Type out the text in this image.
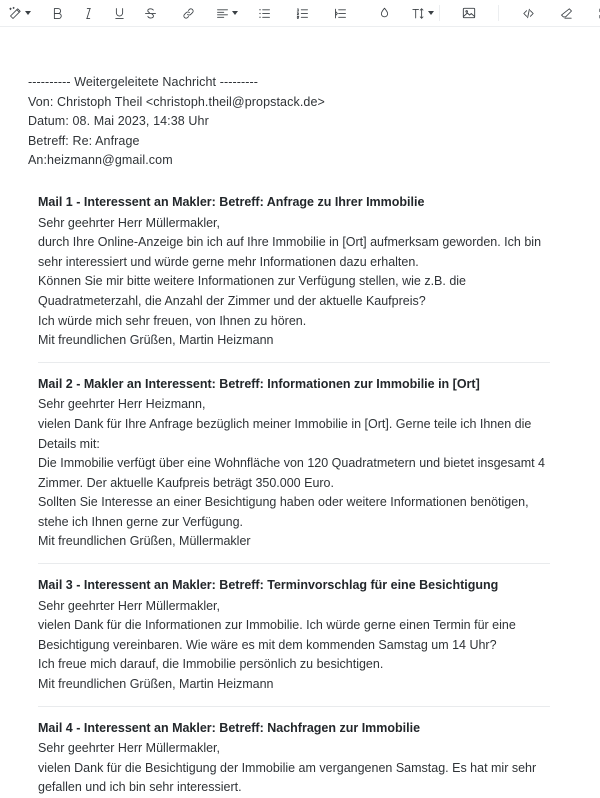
---------- Weitergeleitete Nachricht ---------
Von: Christoph Theil <christoph.theil@propstack.de>
Datum: 08. Mai 2023, 14:38 Uhr
Betreff: Re: Anfrage
An:heizmann@gmail.com
Mail 1 - Interessent an Makler: Betreff: Anfrage zu Ihrer Immobilie
Sehr geehrter Herr Müllermakler,
durch Ihre Online-Anzeige bin ich auf Ihre Immobilie in [Ort] aufmerksam geworden. Ich bin sehr interessiert und würde gerne mehr Informationen dazu erhalten.
Können Sie mir bitte weitere Informationen zur Verfügung stellen, wie z.B. die Quadratmeterzahl, die Anzahl der Zimmer und der aktuelle Kaufpreis?
Ich würde mich sehr freuen, von Ihnen zu hören.
Mit freundlichen Grüßen, Martin Heizmann
Mail 2 - Makler an Interessent: Betreff: Informationen zur Immobilie in [Ort]
Sehr geehrter Herr Heizmann,
vielen Dank für Ihre Anfrage bezüglich meiner Immobilie in [Ort]. Gerne teile ich Ihnen die Details mit:
Die Immobilie verfügt über eine Wohnfläche von 120 Quadratmetern und bietet insgesamt 4 Zimmer. Der aktuelle Kaufpreis beträgt 350.000 Euro.
Sollten Sie Interesse an einer Besichtigung haben oder weitere Informationen benötigen, stehe ich Ihnen gerne zur Verfügung.
Mit freundlichen Grüßen, Müllermakler
Mail 3 - Interessent an Makler: Betreff: Terminvorschlag für eine Besichtigung
Sehr geehrter Herr Müllermakler,
vielen Dank für die Informationen zur Immobilie. Ich würde gerne einen Termin für eine Besichtigung vereinbaren. Wie wäre es mit dem kommenden Samstag um 14 Uhr?
Ich freue mich darauf, die Immobilie persönlich zu besichtigen.
Mit freundlichen Grüßen, Martin Heizmann
Mail 4 - Interessent an Makler: Betreff: Nachfragen zur Immobilie
Sehr geehrter Herr Müllermakler,
vielen Dank für die Besichtigung der Immobilie am vergangenen Samstag. Es hat mir sehr gefallen und ich bin sehr interessiert.
